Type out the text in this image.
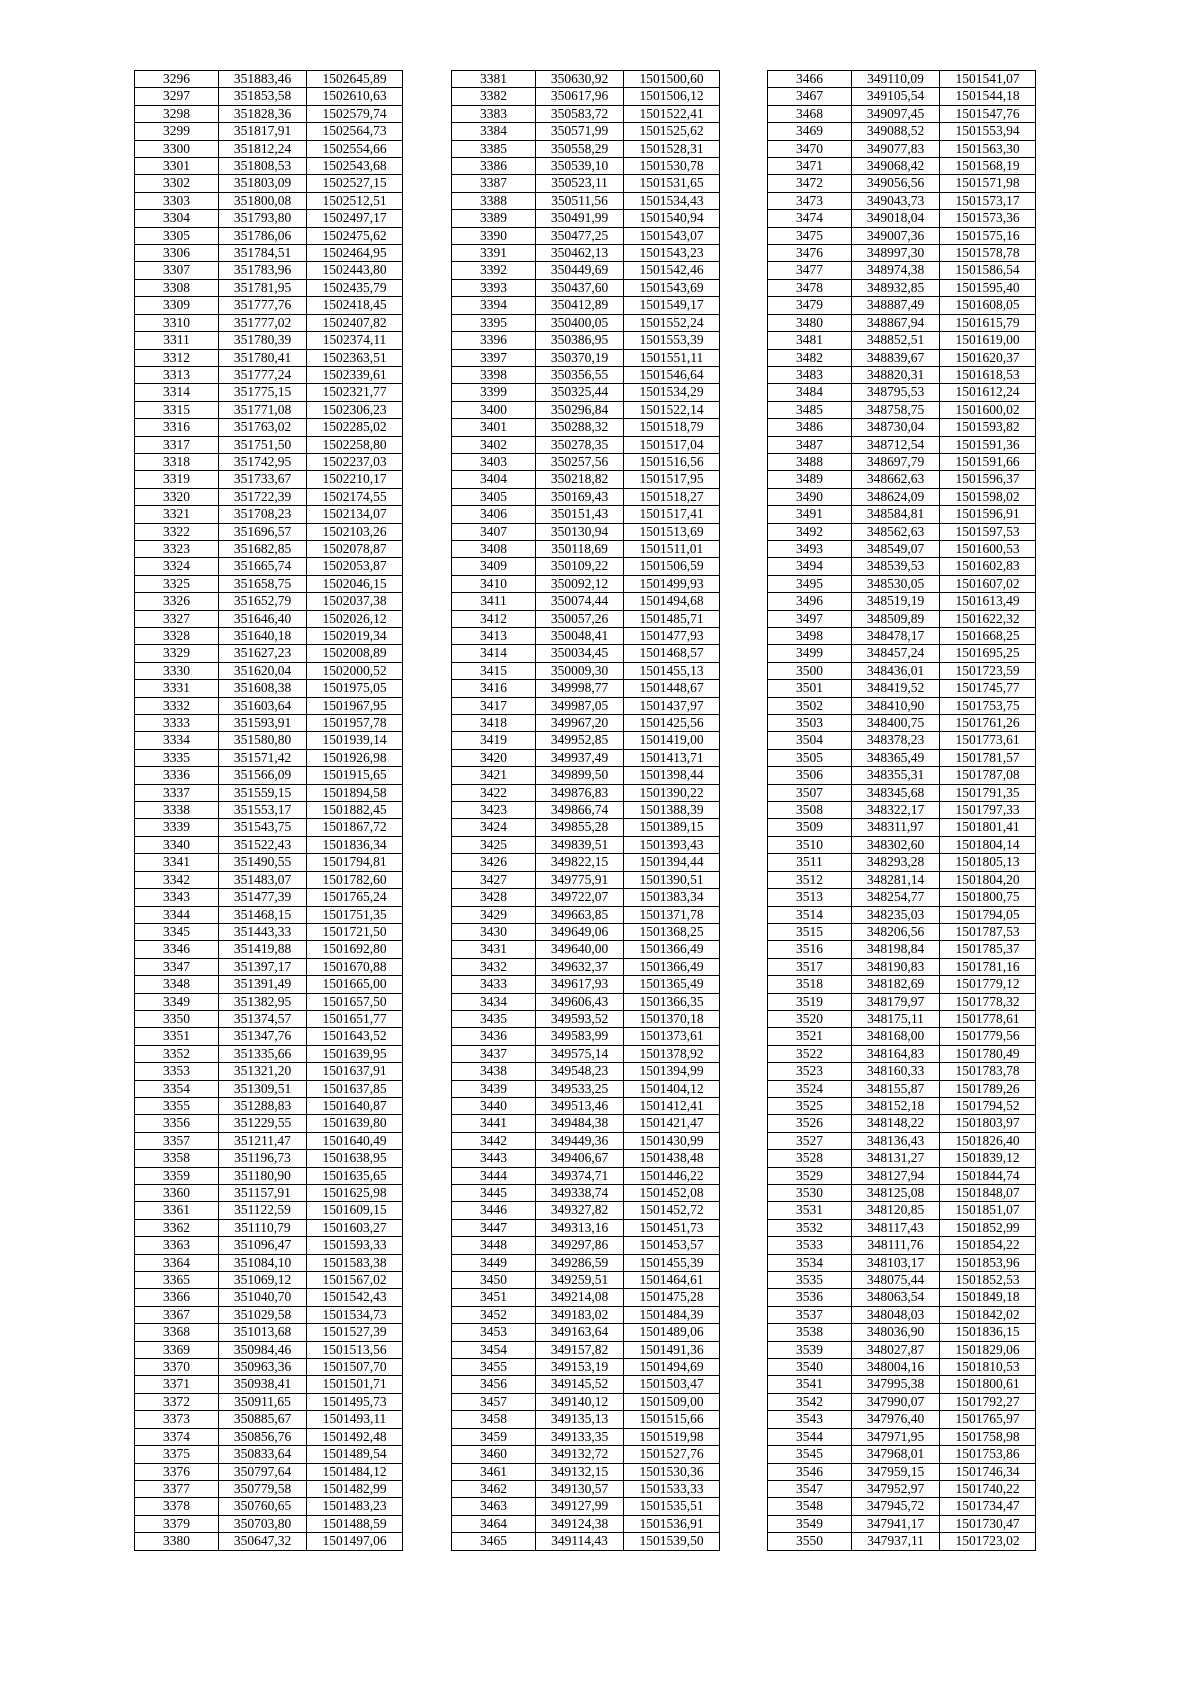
3296	351883,46	1502645,89
3297	351853,58	1502610,63
3298	351828,36	1502579,74
3299	351817,91	1502564,73
3300	351812,24	1502554,66
3301	351808,53	1502543,68
3302	351803,09	1502527,15
3303	351800,08	1502512,51
3304	351793,80	1502497,17
3305	351786,06	1502475,62
3306	351784,51	1502464,95
3307	351783,96	1502443,80
3308	351781,95	1502435,79
3309	351777,76	1502418,45
3310	351777,02	1502407,82
3311	351780,39	1502374,11
3312	351780,41	1502363,51
3313	351777,24	1502339,61
3314	351775,15	1502321,77
3315	351771,08	1502306,23
3316	351763,02	1502285,02
3317	351751,50	1502258,80
3318	351742,95	1502237,03
3319	351733,67	1502210,17
3320	351722,39	1502174,55
3321	351708,23	1502134,07
3322	351696,57	1502103,26
3323	351682,85	1502078,87
3324	351665,74	1502053,87
3325	351658,75	1502046,15
3326	351652,79	1502037,38
3327	351646,40	1502026,12
3328	351640,18	1502019,34
3329	351627,23	1502008,89
3330	351620,04	1502000,52
3331	351608,38	1501975,05
3332	351603,64	1501967,95
3333	351593,91	1501957,78
3334	351580,80	1501939,14
3335	351571,42	1501926,98
3336	351566,09	1501915,65
3337	351559,15	1501894,58
3338	351553,17	1501882,45
3339	351543,75	1501867,72
3340	351522,43	1501836,34
3341	351490,55	1501794,81
3342	351483,07	1501782,60
3343	351477,39	1501765,24
3344	351468,15	1501751,35
3345	351443,33	1501721,50
3346	351419,88	1501692,80
3347	351397,17	1501670,88
3348	351391,49	1501665,00
3349	351382,95	1501657,50
3350	351374,57	1501651,77
3351	351347,76	1501643,52
3352	351335,66	1501639,95
3353	351321,20	1501637,91
3354	351309,51	1501637,85
3355	351288,83	1501640,87
3356	351229,55	1501639,80
3357	351211,47	1501640,49
3358	351196,73	1501638,95
3359	351180,90	1501635,65
3360	351157,91	1501625,98
3361	351122,59	1501609,15
3362	351110,79	1501603,27
3363	351096,47	1501593,33
3364	351084,10	1501583,38
3365	351069,12	1501567,02
3366	351040,70	1501542,43
3367	351029,58	1501534,73
3368	351013,68	1501527,39
3369	350984,46	1501513,56
3370	350963,36	1501507,70
3371	350938,41	1501501,71
3372	350911,65	1501495,73
3373	350885,67	1501493,11
3374	350856,76	1501492,48
3375	350833,64	1501489,54
3376	350797,64	1501484,12
3377	350779,58	1501482,99
3378	350760,65	1501483,23
3379	350703,80	1501488,59
3380	350647,32	1501497,06
3381	350630,92	1501500,60
3382	350617,96	1501506,12
3383	350583,72	1501522,41
3384	350571,99	1501525,62
3385	350558,29	1501528,31
3386	350539,10	1501530,78
3387	350523,11	1501531,65
3388	350511,56	1501534,43
3389	350491,99	1501540,94
3390	350477,25	1501543,07
3391	350462,13	1501543,23
3392	350449,69	1501542,46
3393	350437,60	1501543,69
3394	350412,89	1501549,17
3395	350400,05	1501552,24
3396	350386,95	1501553,39
3397	350370,19	1501551,11
3398	350356,55	1501546,64
3399	350325,44	1501534,29
3400	350296,84	1501522,14
3401	350288,32	1501518,79
3402	350278,35	1501517,04
3403	350257,56	1501516,56
3404	350218,82	1501517,95
3405	350169,43	1501518,27
3406	350151,43	1501517,41
3407	350130,94	1501513,69
3408	350118,69	1501511,01
3409	350109,22	1501506,59
3410	350092,12	1501499,93
3411	350074,44	1501494,68
3412	350057,26	1501485,71
3413	350048,41	1501477,93
3414	350034,45	1501468,57
3415	350009,30	1501455,13
3416	349998,77	1501448,67
3417	349987,05	1501437,97
3418	349967,20	1501425,56
3419	349952,85	1501419,00
3420	349937,49	1501413,71
3421	349899,50	1501398,44
3422	349876,83	1501390,22
3423	349866,74	1501388,39
3424	349855,28	1501389,15
3425	349839,51	1501393,43
3426	349822,15	1501394,44
3427	349775,91	1501390,51
3428	349722,07	1501383,34
3429	349663,85	1501371,78
3430	349649,06	1501368,25
3431	349640,00	1501366,49
3432	349632,37	1501366,49
3433	349617,93	1501365,49
3434	349606,43	1501366,35
3435	349593,52	1501370,18
3436	349583,99	1501373,61
3437	349575,14	1501378,92
3438	349548,23	1501394,99
3439	349533,25	1501404,12
3440	349513,46	1501412,41
3441	349484,38	1501421,47
3442	349449,36	1501430,99
3443	349406,67	1501438,48
3444	349374,71	1501446,22
3445	349338,74	1501452,08
3446	349327,82	1501452,72
3447	349313,16	1501451,73
3448	349297,86	1501453,57
3449	349286,59	1501455,39
3450	349259,51	1501464,61
3451	349214,08	1501475,28
3452	349183,02	1501484,39
3453	349163,64	1501489,06
3454	349157,82	1501491,36
3455	349153,19	1501494,69
3456	349145,52	1501503,47
3457	349140,12	1501509,00
3458	349135,13	1501515,66
3459	349133,35	1501519,98
3460	349132,72	1501527,76
3461	349132,15	1501530,36
3462	349130,57	1501533,33
3463	349127,99	1501535,51
3464	349124,38	1501536,91
3465	349114,43	1501539,50
3466	349110,09	1501541,07
3467	349105,54	1501544,18
3468	349097,45	1501547,76
3469	349088,52	1501553,94
3470	349077,83	1501563,30
3471	349068,42	1501568,19
3472	349056,56	1501571,98
3473	349043,73	1501573,17
3474	349018,04	1501573,36
3475	349007,36	1501575,16
3476	348997,30	1501578,78
3477	348974,38	1501586,54
3478	348932,85	1501595,40
3479	348887,49	1501608,05
3480	348867,94	1501615,79
3481	348852,51	1501619,00
3482	348839,67	1501620,37
3483	348820,31	1501618,53
3484	348795,53	1501612,24
3485	348758,75	1501600,02
3486	348730,04	1501593,82
3487	348712,54	1501591,36
3488	348697,79	1501591,66
3489	348662,63	1501596,37
3490	348624,09	1501598,02
3491	348584,81	1501596,91
3492	348562,63	1501597,53
3493	348549,07	1501600,53
3494	348539,53	1501602,83
3495	348530,05	1501607,02
3496	348519,19	1501613,49
3497	348509,89	1501622,32
3498	348478,17	1501668,25
3499	348457,24	1501695,25
3500	348436,01	1501723,59
3501	348419,52	1501745,77
3502	348410,90	1501753,75
3503	348400,75	1501761,26
3504	348378,23	1501773,61
3505	348365,49	1501781,57
3506	348355,31	1501787,08
3507	348345,68	1501791,35
3508	348322,17	1501797,33
3509	348311,97	1501801,41
3510	348302,60	1501804,14
3511	348293,28	1501805,13
3512	348281,14	1501804,20
3513	348254,77	1501800,75
3514	348235,03	1501794,05
3515	348206,56	1501787,53
3516	348198,84	1501785,37
3517	348190,83	1501781,16
3518	348182,69	1501779,12
3519	348179,97	1501778,32
3520	348175,11	1501778,61
3521	348168,00	1501779,56
3522	348164,83	1501780,49
3523	348160,33	1501783,78
3524	348155,87	1501789,26
3525	348152,18	1501794,52
3526	348148,22	1501803,97
3527	348136,43	1501826,40
3528	348131,27	1501839,12
3529	348127,94	1501844,74
3530	348125,08	1501848,07
3531	348120,85	1501851,07
3532	348117,43	1501852,99
3533	348111,76	1501854,22
3534	348103,17	1501853,96
3535	348075,44	1501852,53
3536	348063,54	1501849,18
3537	348048,03	1501842,02
3538	348036,90	1501836,15
3539	348027,87	1501829,06
3540	348004,16	1501810,53
3541	347995,38	1501800,61
3542	347990,07	1501792,27
3543	347976,40	1501765,97
3544	347971,95	1501758,98
3545	347968,01	1501753,86
3546	347959,15	1501746,34
3547	347952,97	1501740,22
3548	347945,72	1501734,47
3549	347941,17	1501730,47
3550	347937,11	1501723,02
